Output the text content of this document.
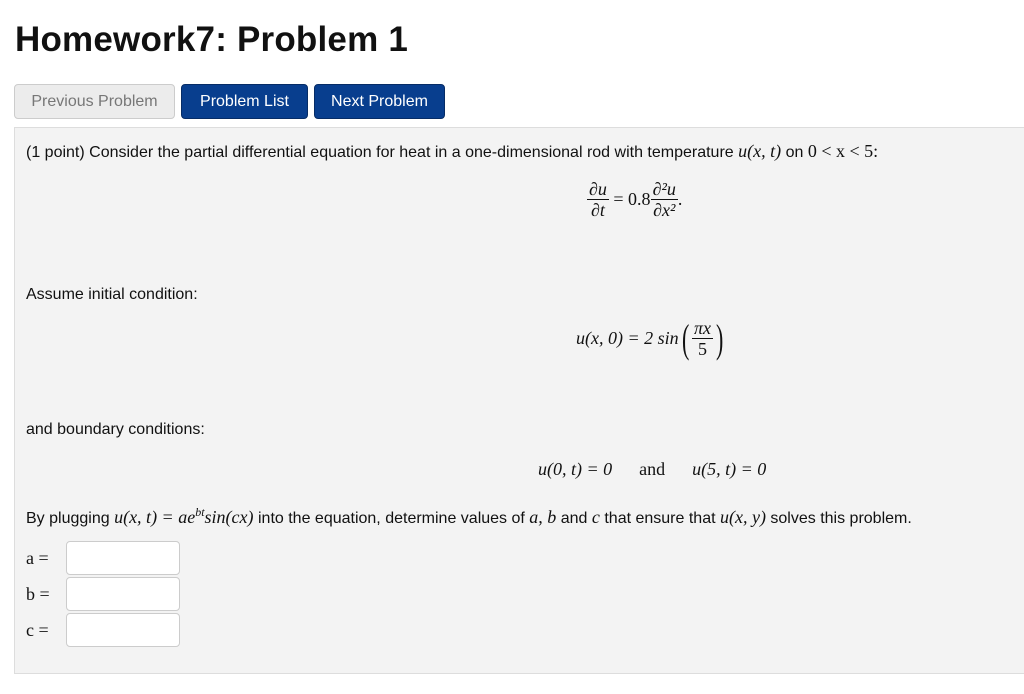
Homework7: Problem 1
Previous Problem	Problem List	Next Problem
(1 point) Consider the partial differential equation for heat in a one-dimensional rod with temperature u(x, t) on 0 < x < 5:
$\frac{\partial u}{\partial t} = 0.8 \frac{\text{∂²u}}{\text{∂x²}}$ .
Assume initial condition:
u(x, 0) = 2 $\sin( \frac{\pi x}{5}$ )
and boundary conditions:
u(0, t) = 0 and u(5, t) = 0
By plugging u(x, $t) = ae^{bt}\sin(cx)$ into the equation, determine values of a, b and c that ensure that u(x, y) solves this problem.
a =
b =
c =
